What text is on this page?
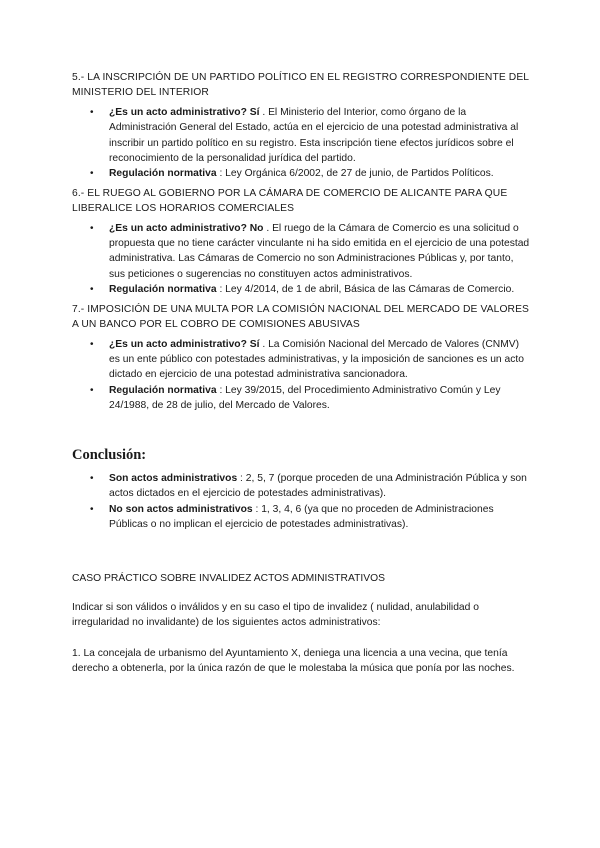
5.- LA INSCRIPCIÓN DE UN PARTIDO POLÍTICO EN EL REGISTRO CORRESPONDIENTE DEL MINISTERIO DEL INTERIOR
• ¿Es un acto administrativo? Sí . El Ministerio del Interior, como órgano de la Administración General del Estado, actúa en el ejercicio de una potestad administrativa al inscribir un partido político en su registro. Esta inscripción tiene efectos jurídicos sobre el reconocimiento de la personalidad jurídica del partido.
• Regulación normativa : Ley Orgánica 6/2002, de 27 de junio, de Partidos Políticos.
6.- EL RUEGO AL GOBIERNO POR LA CÁMARA DE COMERCIO DE ALICANTE PARA QUE LIBERALICE LOS HORARIOS COMERCIALES
• ¿Es un acto administrativo? No . El ruego de la Cámara de Comercio es una solicitud o propuesta que no tiene carácter vinculante ni ha sido emitida en el ejercicio de una potestad administrativa. Las Cámaras de Comercio no son Administraciones Públicas y, por tanto, sus peticiones o sugerencias no constituyen actos administrativos.
• Regulación normativa : Ley 4/2014, de 1 de abril, Básica de las Cámaras de Comercio.
7.- IMPOSICIÓN DE UNA MULTA POR LA COMISIÓN NACIONAL DEL MERCADO DE VALORES A UN BANCO POR EL COBRO DE COMISIONES ABUSIVAS
• ¿Es un acto administrativo? Sí . La Comisión Nacional del Mercado de Valores (CNMV) es un ente público con potestades administrativas, y la imposición de sanciones es un acto dictado en ejercicio de una potestad administrativa sancionadora.
• Regulación normativa : Ley 39/2015, del Procedimiento Administrativo Común y Ley 24/1988, de 28 de julio, del Mercado de Valores.
Conclusión:
• Son actos administrativos : 2, 5, 7 (porque proceden de una Administración Pública y son actos dictados en el ejercicio de potestades administrativas).
• No son actos administrativos : 1, 3, 4, 6 (ya que no proceden de Administraciones Públicas o no implican el ejercicio de potestades administrativas).

CASO PRÁCTICO SOBRE INVALIDEZ ACTOS ADMINISTRATIVOS

Indicar si son válidos o inválidos y en su caso el tipo de invalidez ( nulidad, anulabilidad o irregularidad no invalidante) de los siguientes actos administrativos:

1. La concejala de urbanismo del Ayuntamiento X, deniega una licencia a una vecina, que tenía derecho a obtenerla, por la única razón de que le molestaba la música que ponía por las noches.
